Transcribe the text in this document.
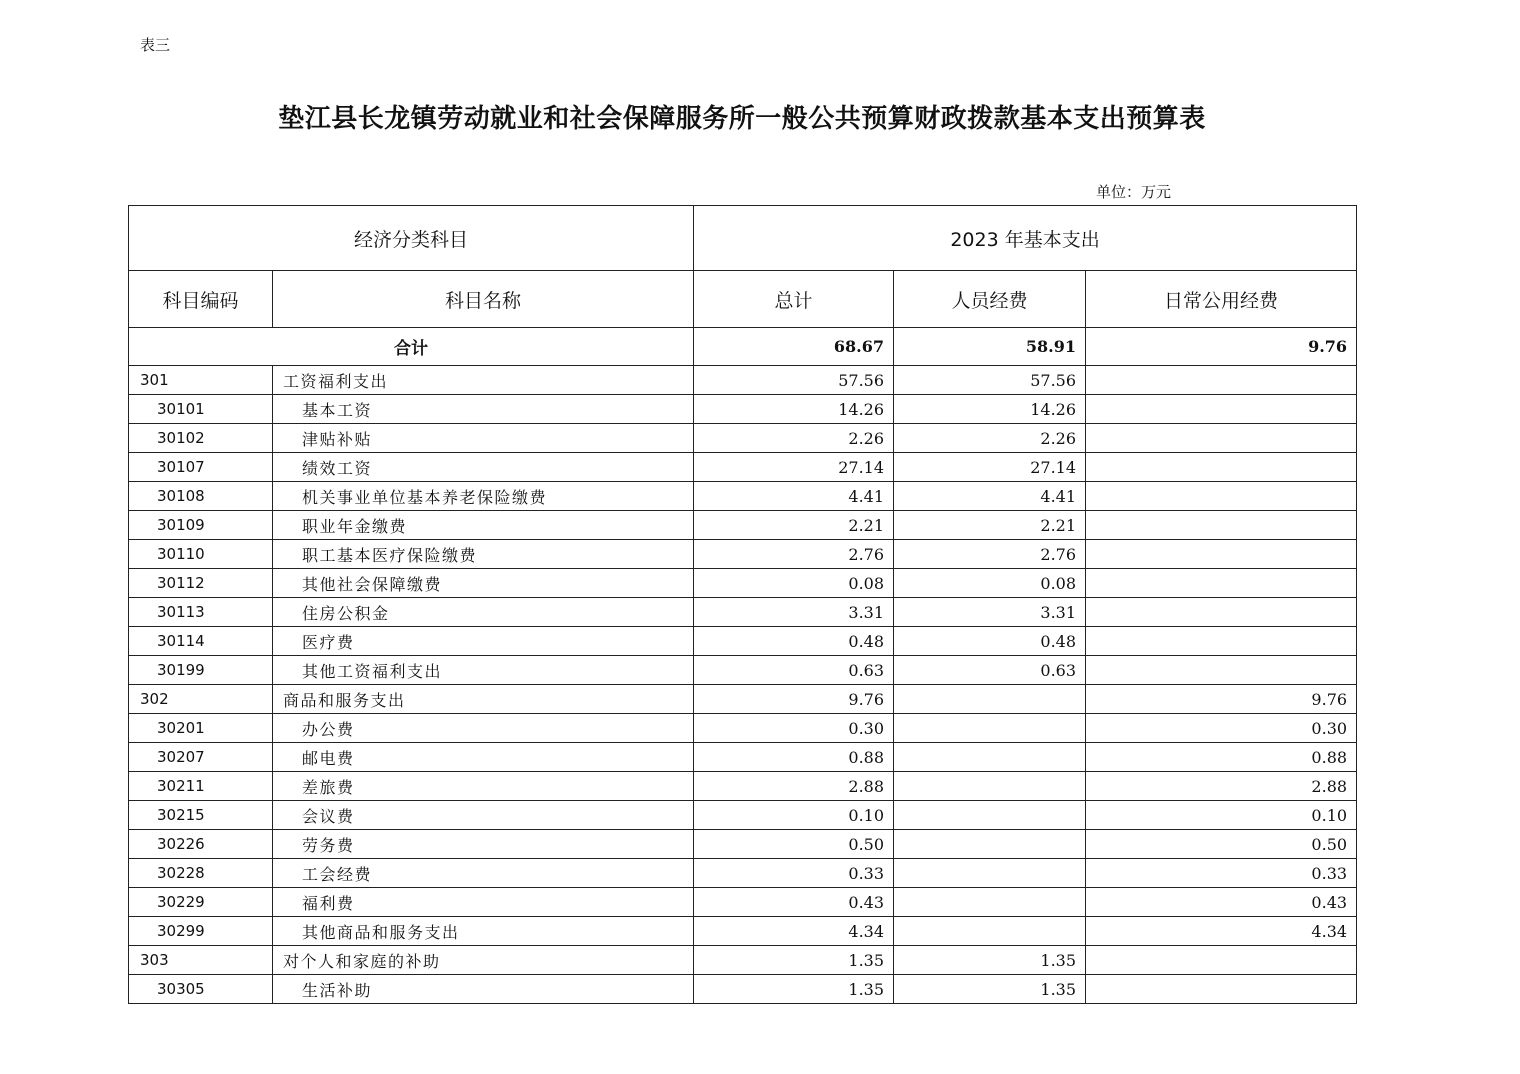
表三
垫江县长龙镇劳动就业和社会保障服务所一般公共预算财政拨款基本支出预算表
单位：万元
经济分类科目		2023 年基本支出		
科目编码	科目名称	总计	人员经费	日常公用经费
合计		68.67	58.91	9.76
301	工资福利支出	57.56	57.56	
30101	基本工资	14.26	14.26	
30102	津贴补贴	2.26	2.26	
30107	绩效工资	27.14	27.14	
30108	机关事业单位基本养老保险缴费	4.41	4.41	
30109	职业年金缴费	2.21	2.21	
30110	职工基本医疗保险缴费	2.76	2.76	
30112	其他社会保障缴费	0.08	0.08	
30113	住房公积金	3.31	3.31	
30114	医疗费	0.48	0.48	
30199	其他工资福利支出	0.63	0.63	
302	商品和服务支出	9.76		9.76
30201	办公费	0.30		0.30
30207	邮电费	0.88		0.88
30211	差旅费	2.88		2.88
30215	会议费	0.10		0.10
30226	劳务费	0.50		0.50
30228	工会经费	0.33		0.33
30229	福利费	0.43		0.43
30299	其他商品和服务支出	4.34		4.34
303	对个人和家庭的补助	1.35	1.35	
30305	生活补助	1.35	1.35	
